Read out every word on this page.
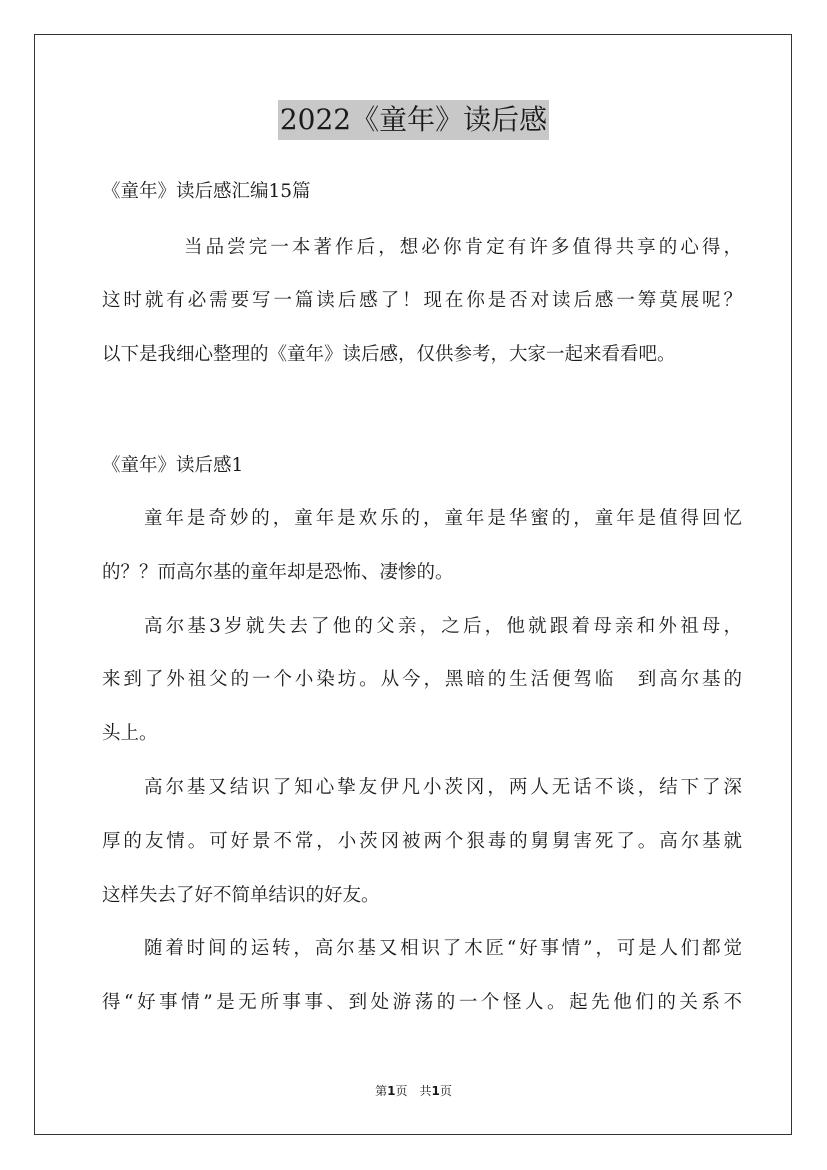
2022《童年》读后感
《童年》读后感汇编15篇
当品尝完一本著作后，想必你肯定有许多值得共享的心得，
这时就有必需要写一篇读后感了！现在你是否对读后感一筹莫展呢？
以下是我细心整理的《童年》读后感，仅供参考，大家一起来看看吧。
《童年》读后感1
童年是奇妙的，童年是欢乐的，童年是华蜜的，童年是值得回忆
的？？而高尔基的童年却是恐怖、凄惨的。
高尔基3岁就失去了他的父亲，之后，他就跟着母亲和外祖母，
来到了外祖父的一个小染坊。从今，黑暗的生活便驾临　到高尔基的
头上。
高尔基又结识了知心挚友伊凡小茨冈，两人无话不谈，结下了深
厚的友情。可好景不常，小茨冈被两个狠毒的舅舅害死了。高尔基就
这样失去了好不简单结识的好友。
随着时间的运转，高尔基又相识了木匠“好事情”，可是人们都觉
得“好事情”是无所事事、到处游荡的一个怪人。起先他们的关系不
第1页　共1页
